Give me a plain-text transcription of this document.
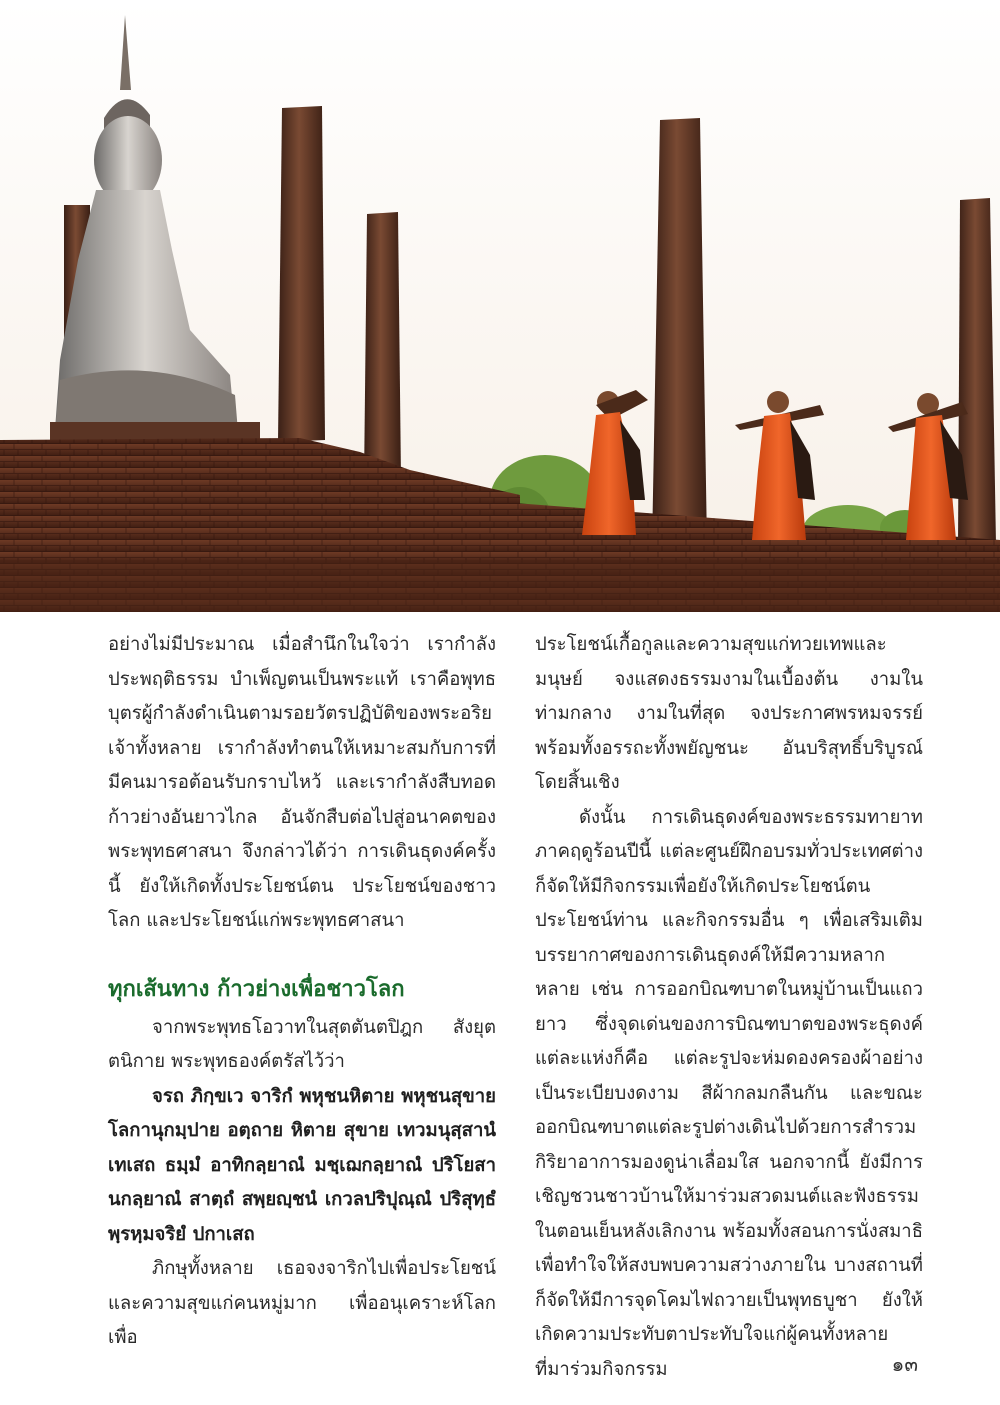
อย่างไม่มีประมาณ เมื่อสำนึกในใจว่า เรากำลังประพฤติธรรม บำเพ็ญตนเป็นพระแท้ เราคือพุทธบุตรผู้กำลังดำเนินตามรอยวัตรปฏิบัติของพระอริยเจ้าทั้งหลาย เรากำลังทำตนให้เหมาะสมกับการที่มีคนมารอต้อนรับกราบไหว้ และเรากำลังสืบทอดก้าวย่างอันยาวไกล อันจักสืบต่อไปสู่อนาคตของพระพุทธศาสนา จึงกล่าวได้ว่า การเดินธุดงค์ครั้งนี้ ยังให้เกิดทั้งประโยชน์ตน ประโยชน์ของชาวโลก และประโยชน์แก่พระพุทธศาสนา

ทุกเส้นทาง ก้าวย่างเพื่อชาวโลก

จากพระพุทธโอวาทในสุตตันตปิฎก สังยุตตนิกาย พระพุทธองค์ตรัสไว้ว่า

จรถ ภิกฺขเว จาริกํ พหุชนหิตาย พหุชนสุขาย โลกานุกมฺปาย อตฺถาย หิตาย สุขาย เทวมนุสฺสานํ เทเสถ ธมฺมํ อาทิกลฺยาณํ มชฺเฌกลฺยาณํ ปริโยสานกลฺยาณํ สาตฺถํ สพฺยญฺชนํ เกวลปริปุณฺณํ ปริสุทฺธํ พฺรหฺมจริยํ ปกาเสถ

ภิกษุทั้งหลาย เธอจงจาริกไปเพื่อประโยชน์และความสุขแก่คนหมู่มาก เพื่ออนุเคราะห์โลก เพื่อ

ประโยชน์เกื้อกูลและความสุขแก่ทวยเทพและมนุษย์ จงแสดงธรรมงามในเบื้องต้น งามในท่ามกลาง งามในที่สุด จงประกาศพรหมจรรย์พร้อมทั้งอรรถะทั้งพยัญชนะ อันบริสุทธิ์บริบูรณ์โดยสิ้นเชิง

ดังนั้น การเดินธุดงค์ของพระธรรมทายาทภาคฤดูร้อนปีนี้ แต่ละศูนย์ฝึกอบรมทั่วประเทศต่างก็จัดให้มีกิจกรรมเพื่อยังให้เกิดประโยชน์ตน ประโยชน์ท่าน และกิจกรรมอื่น ๆ เพื่อเสริมเติมบรรยากาศของการเดินธุดงค์ให้มีความหลากหลาย เช่น การออกบิณฑบาตในหมู่บ้านเป็นแถวยาว ซึ่งจุดเด่นของการบิณฑบาตของพระธุดงค์แต่ละแห่งก็คือ แต่ละรูปจะห่มดองครองผ้าอย่างเป็นระเบียบงดงาม สีผ้ากลมกลืนกัน และขณะออกบิณฑบาตแต่ละรูปต่างเดินไปด้วยการสำรวมกิริยาอาการมองดูน่าเลื่อมใส นอกจากนี้ ยังมีการเชิญชวนชาวบ้านให้มาร่วมสวดมนต์และฟังธรรมในตอนเย็นหลังเลิกงาน พร้อมทั้งสอนการนั่งสมาธิเพื่อทำใจให้สงบพบความสว่างภายใน บางสถานที่ก็จัดให้มีการจุดโคมไฟถวายเป็นพุทธบูชา ยังให้เกิดความประทับตาประทับใจแก่ผู้คนทั้งหลายที่มาร่วมกิจกรรม	๑๓
